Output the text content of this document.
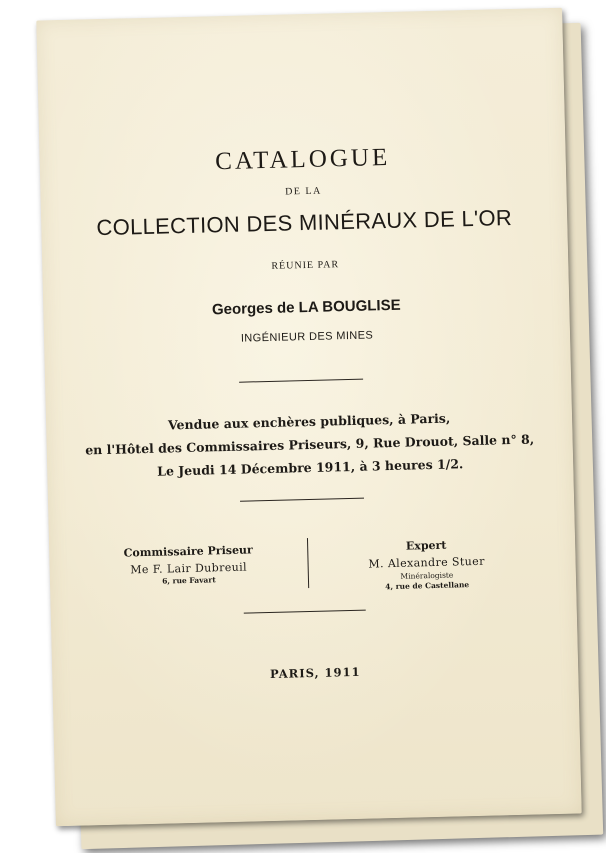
CATALOGUE
DE LA
COLLECTION DES MINÉRAUX DE L'OR
RÉUNIE PAR
Georges de LA BOUGLISE
INGÉNIEUR DES MINES
Vendue aux enchères publiques, à Paris,
en l'Hôtel des Commissaires Priseurs, 9, Rue Drouot, Salle n° 8,
Le Jeudi 14 Décembre 1911, à 3 heures 1/2.
Commissaire Priseur
Me F. Lair Dubreuil
6, rue Favart
Expert
M. Alexandre Stuer
Minéralogiste
4, rue de Castellane
PARIS, 1911
